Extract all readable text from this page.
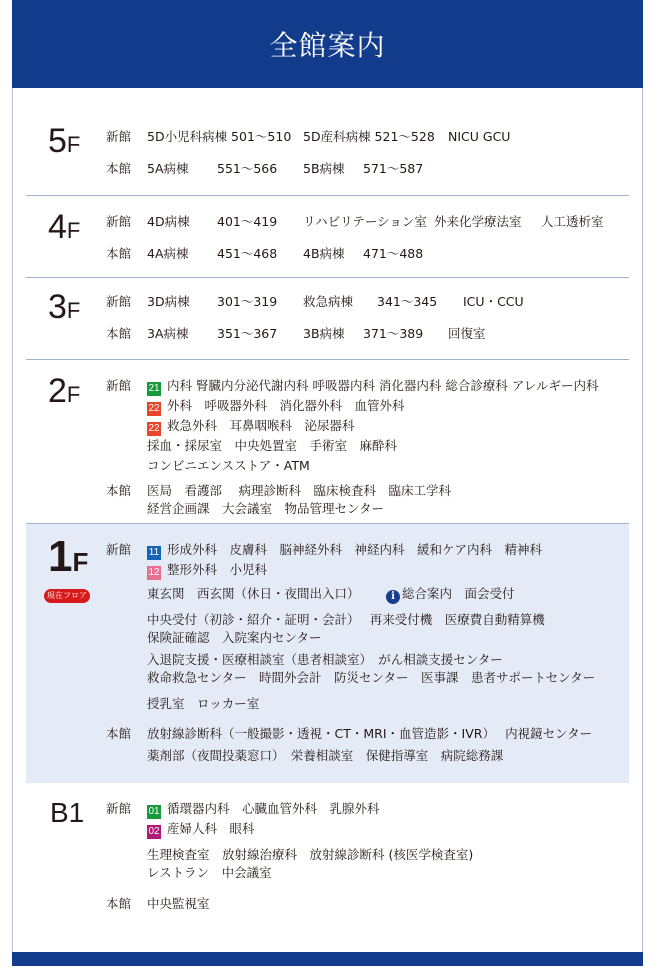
全館案内
5F 新館 5D小児科病棟 501〜510 5D産科病棟 521〜528 NICU GCU
本館 5A病棟 551〜566 5B病棟 571〜587
4F 新館 4D病棟 401〜419 リハビリテーション室 外来化学療法室 人工透析室
本館 4A病棟 451〜468 4B病棟 471〜488
3F 新館 3D病棟 301〜319 救急病棟 341〜345 ICU・CCU
本館 3A病棟 351〜367 3B病棟 371〜389 回復室
2F 新館 21 内科 腎臓内分泌代謝内科 呼吸器内科 消化器内科 総合診療科 アレルギー内科
22 外科　呼吸器外科　消化器外科　血管外科
22 救急外科　耳鼻咽喉科　泌尿器科
採血・採尿室　中央処置室　手術室　麻酔科
コンビニエンスストア・ATM
本館 医局　看護部　 病理診断科　臨床検査科　臨床工学科
経営企画課　大会議室　物品管理センター
1F
現在フロア
新館 11 形成外科　皮膚科　脳神経外科　神経内科　緩和ケア内科　精神科
12 整形外科　小児科
東玄関　西玄関（休日・夜間出入口）	i 総合案内　面会受付
中央受付（初診・紹介・証明・会計）　 再来受付機　医療費自動精算機
保険証確認　入院案内センター
入退院支援・医療相談室（患者相談室）　がん相談支援センター
救命救急センター　時間外会計　防災センター　医事課　患者サポートセンター
授乳室　ロッカー室
本館 放射線診断科（一般撮影・透視・CT・MRI・血管造影・IVR）　 内視鏡センター
薬剤部（夜間投薬窓口）　栄養相談室　保健指導室　病院総務課
B1 新館 01 循環器内科　心臓血管外科　乳腺外科
02 産婦人科　眼科
生理検査室　放射線治療科　放射線診断科 (核医学検査室)
レストラン　中会議室
本館 中央監視室
